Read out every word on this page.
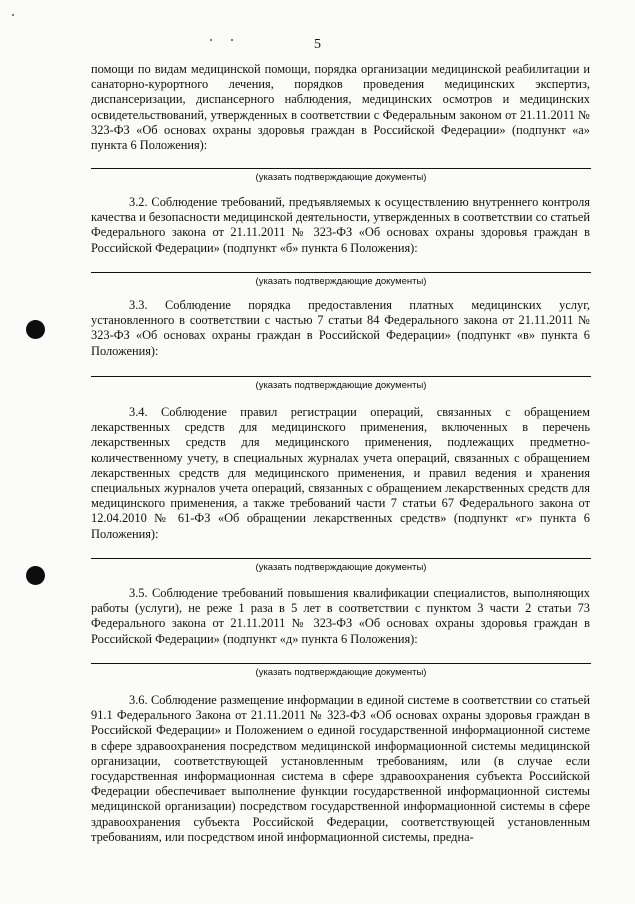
5

помощи по видам медицинской помощи, порядка организации медицинской реабилитации и санаторно-курортного лечения, порядков проведения медицинских экспертиз, диспансеризации, диспансерного наблюдения, медицинских осмотров и медицинских освидетельствований, утвержденных в соответствии с Федеральным законом от 21.11.2011 № 323-ФЗ «Об основах охраны здоровья граждан в Российской Федерации» (подпункт «а» пункта 6 Положения):

(указать подтверждающие документы)

3.2. Соблюдение требований, предъявляемых к осуществлению внутреннего контроля качества и безопасности медицинской деятельности, утвержденных в соответствии со статьей Федерального закона от 21.11.2011 № 323-ФЗ «Об основах охраны здоровья граждан в Российской Федерации» (подпункт «б» пункта 6 Положения):

(указать подтверждающие документы)

3.3. Соблюдение порядка предоставления платных медицинских услуг, установленного в соответствии с частью 7 статьи 84 Федерального закона от 21.11.2011 № 323-ФЗ «Об основах охраны граждан в Российской Федерации» (подпункт «в» пункта 6 Положения):

(указать подтверждающие документы)

3.4. Соблюдение правил регистрации операций, связанных с обращением лекарственных средств для медицинского применения, включенных в перечень лекарственных средств для медицинского применения, подлежащих предметно-количественному учету, в специальных журналах учета операций, связанных с обращением лекарственных средств для медицинского применения, и правил ведения и хранения специальных журналов учета операций, связанных с обращением лекарственных средств для медицинского применения, а также требований части 7 статьи 67 Федерального закона от 12.04.2010 № 61-ФЗ «Об обращении лекарственных средств» (подпункт «г» пункта 6 Положения):

(указать подтверждающие документы)

3.5. Соблюдение требований повышения квалификации специалистов, выполняющих работы (услуги), не реже 1 раза в 5 лет в соответствии с пунктом 3 части 2 статьи 73 Федерального закона от 21.11.2011 № 323-ФЗ «Об основах охраны здоровья граждан в Российской Федерации» (подпункт «д» пункта 6 Положения):

(указать подтверждающие документы)

3.6. Соблюдение размещение информации в единой системе в соответствии со статьей 91.1 Федерального Закона от 21.11.2011 № 323-ФЗ «Об основах охраны здоровья граждан в Российской Федерации» и Положением о единой государственной информационной системе в сфере здравоохранения посредством медицинской информационной системы медицинской организации, соответствующей установленным требованиям, или (в случае если государственная информационная система в сфере здравоохранения субъекта Российской Федерации обеспечивает выполнение функции государственной информационной системы медицинской организации) посредством государственной информационной системы в сфере здравоохранения субъекта Российской Федерации, соответствующей установленным требованиям, или посредством иной информационной системы, предна-
